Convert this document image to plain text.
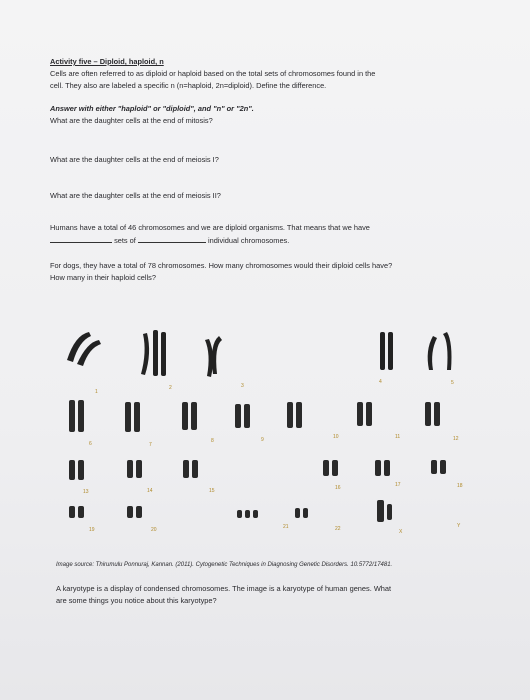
Activity five – Diploid, haploid, n
Cells are often referred to as diploid or haploid based on the total sets of chromosomes found in the
cell. They also are labeled a specific n (n=haploid, 2n=diploid). Define the difference.
Answer with either "haploid" or "diploid", and "n" or "2n".
What are the daughter cells at the end of mitosis?
What are the daughter cells at the end of meiosis I?
What are the daughter cells at the end of meiosis II?
Humans have a total of 46 chromosomes and we are diploid organisms. That means that we have
sets of	individual chromosomes.
For dogs, they have a total of 78 chromosomes. How many chromosomes would their diploid cells have?
How many in their haploid cells?
1
2	3
4	5
6	7
8	9	10	11	12
13	14	15	16	17	18
19	20	21	22	X
Y
Image source: Thirumulu Ponnuraj, Kannan. (2011). Cytogenetic Techniques in Diagnosing Genetic Disorders. 10.5772/17481.
A karyotype is a display of condensed chromosomes. The image is a karyotype of human genes. What
are some things you notice about this karyotype?
